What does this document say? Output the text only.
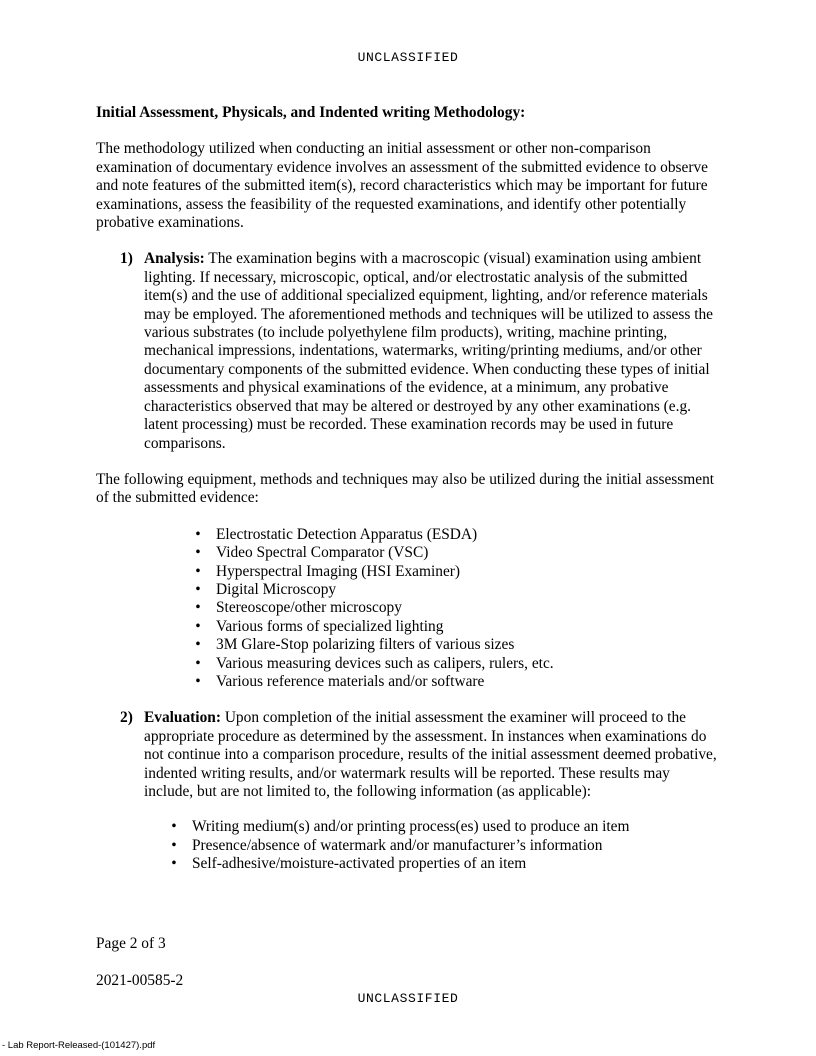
UNCLASSIFIED

Initial Assessment, Physicals, and Indented writing Methodology:

The methodology utilized when conducting an initial assessment or other non-comparison examination of documentary evidence involves an assessment of the submitted evidence to observe and note features of the submitted item(s), record characteristics which may be important for future examinations, assess the feasibility of the requested examinations, and identify other potentially probative examinations.

1) Analysis: The examination begins with a macroscopic (visual) examination using ambient lighting. If necessary, microscopic, optical, and/or electrostatic analysis of the submitted item(s) and the use of additional specialized equipment, lighting, and/or reference materials may be employed. The aforementioned methods and techniques will be utilized to assess the various substrates (to include polyethylene film products), writing, machine printing, mechanical impressions, indentations, watermarks, writing/printing mediums, and/or other documentary components of the submitted evidence. When conducting these types of initial assessments and physical examinations of the evidence, at a minimum, any probative characteristics observed that may be altered or destroyed by any other examinations (e.g. latent processing) must be recorded. These examination records may be used in future comparisons.

The following equipment, methods and techniques may also be utilized during the initial assessment of the submitted evidence:

• Electrostatic Detection Apparatus (ESDA)
• Video Spectral Comparator (VSC)
• Hyperspectral Imaging (HSI Examiner)
• Digital Microscopy
• Stereoscope/other microscopy
• Various forms of specialized lighting
• 3M Glare-Stop polarizing filters of various sizes
• Various measuring devices such as calipers, rulers, etc.
• Various reference materials and/or software
2) Evaluation: Upon completion of the initial assessment the examiner will proceed to the appropriate procedure as determined by the assessment. In instances when examinations do not continue into a comparison procedure, results of the initial assessment deemed probative, indented writing results, and/or watermark results will be reported. These results may include, but are not limited to, the following information (as applicable):
• Writing medium(s) and/or printing process(es) used to produce an item
• Presence/absence of watermark and/or manufacturer’s information
• Self-adhesive/moisture-activated properties of an item
Page 2 of 3
2021-00585-2
UNCLASSIFIED
- Lab Report-Released-(101427).pdf
